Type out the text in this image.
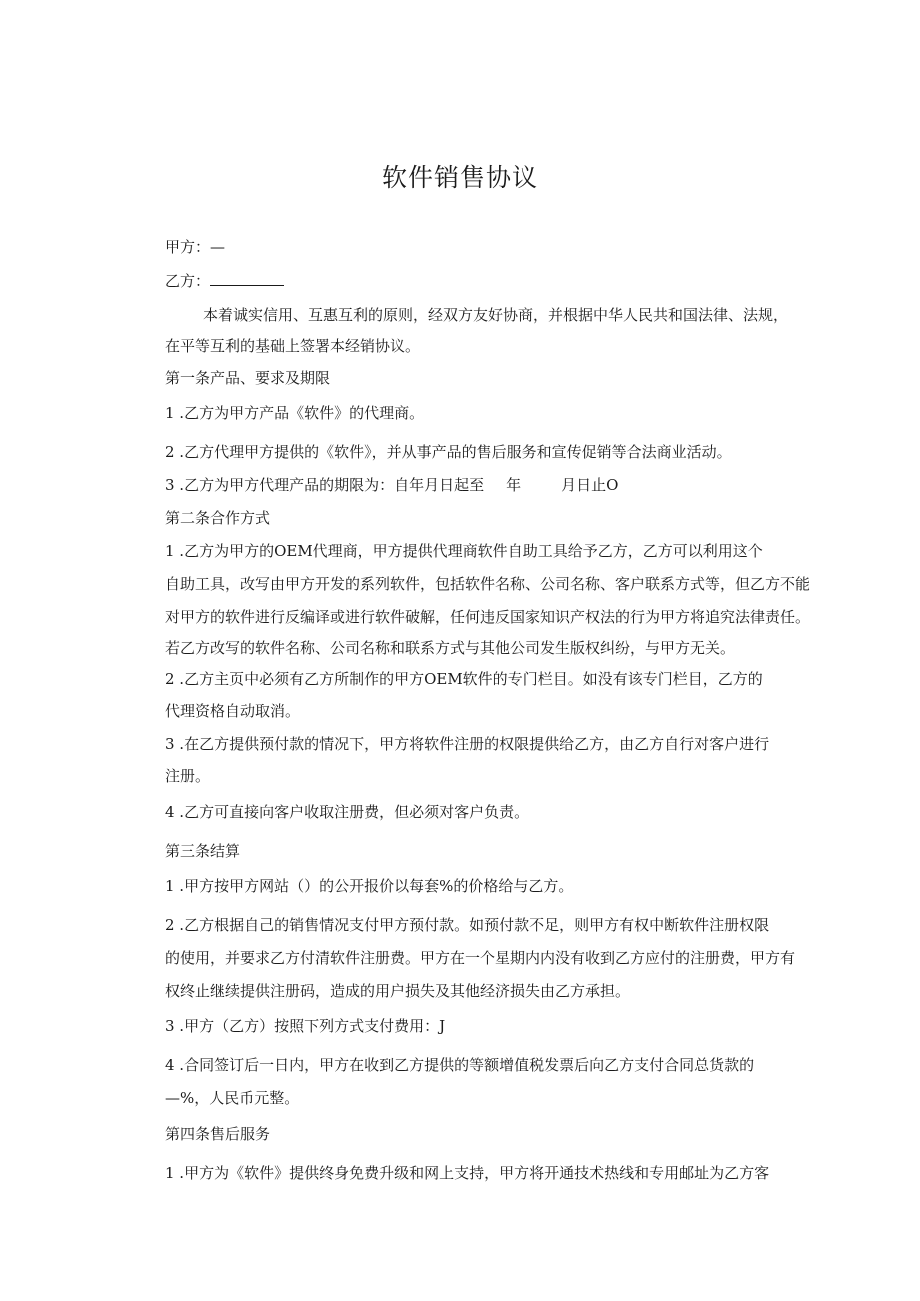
软件销售协议
甲方：—
乙方：
本着诚实信用、互惠互利的原则，经双方友好协商，并根据中华人民共和国法律、法规，
在平等互利的基础上签署本经销协议。
第一条产品、要求及期限
1 .乙方为甲方产品《软件》的代理商。
2 .乙方代理甲方提供的《软件》，并从事产品的售后服务和宣传促销等合法商业活动。
3 .乙方为甲方代理产品的期限为：自年月日起至 年	月日止O
第二条合作方式
1 .乙方为甲方的OEM代理商，甲方提供代理商软件自助工具给予乙方，乙方可以利用这个
自助工具，改写由甲方开发的系列软件，包括软件名称、公司名称、客户联系方式等，但乙方不能
对甲方的软件进行反编译或进行软件破解，任何违反国家知识产权法的行为甲方将追究法律责任。
若乙方改写的软件名称、公司名称和联系方式与其他公司发生版权纠纷，与甲方无关。
2 .乙方主页中必须有乙方所制作的甲方OEM软件的专门栏目。如没有该专门栏目，乙方的
代理资格自动取消。
3 .在乙方提供预付款的情况下，甲方将软件注册的权限提供给乙方，由乙方自行对客户进行
注册。
4 .乙方可直接向客户收取注册费，但必须对客户负责。
第三条结算
1 .甲方按甲方网站（）的公开报价以每套%的价格给与乙方。
2 .乙方根据自己的销售情况支付甲方预付款。如预付款不足，则甲方有权中断软件注册权限
的使用，并要求乙方付清软件注册费。甲方在一个星期内内没有收到乙方应付的注册费，甲方有
权终止继续提供注册码，造成的用户损失及其他经济损失由乙方承担。
3 .甲方（乙方）按照下列方式支付费用：J
4 .合同签订后一日内，甲方在收到乙方提供的等额增值税发票后向乙方支付合同总货款的
—%，人民币元整。
第四条售后服务
1 .甲方为《软件》提供终身免费升级和网上支持，甲方将开通技术热线和专用邮址为乙方客
